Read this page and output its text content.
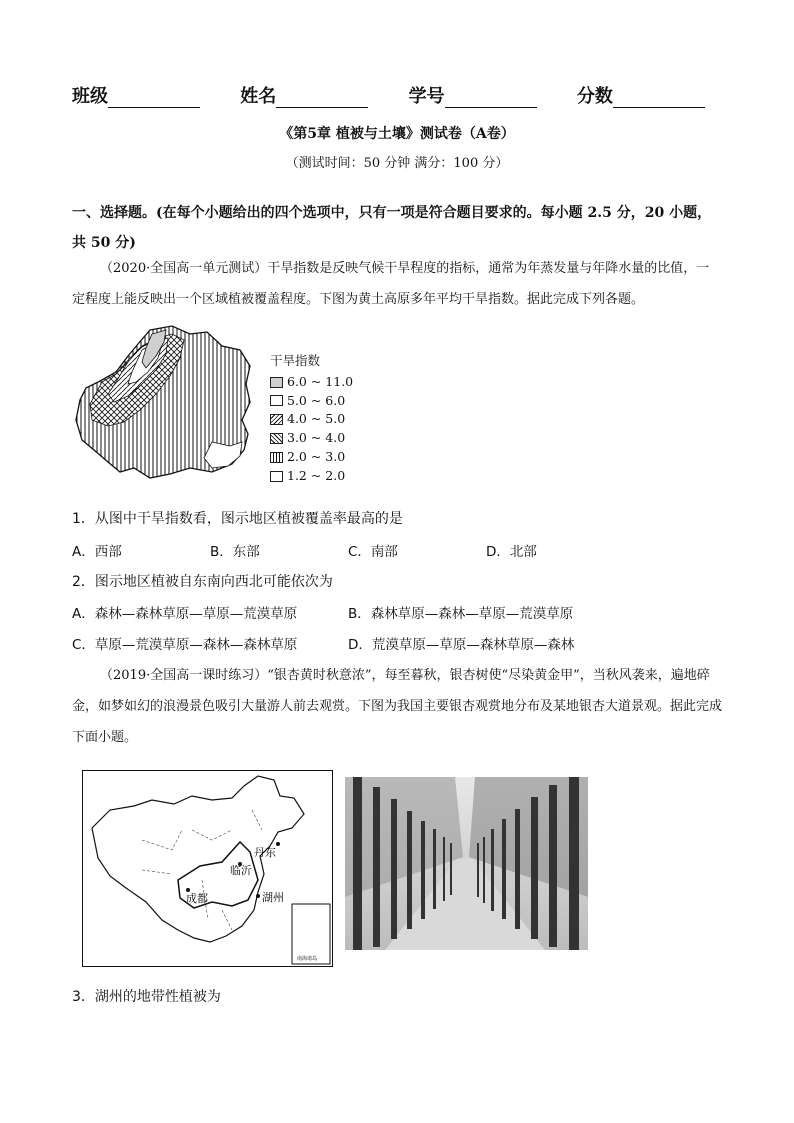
班级	姓名	学号	分数
《第5章 植被与土壤》测试卷（A卷）
（测试时间：50 分钟 满分：100 分）
一、选择题。(在每个小题给出的四个选项中，只有一项是符合题目要求的。每小题 2.5 分，20 小题，共 50 分)
（2020·全国高一单元测试）干旱指数是反映气候干旱程度的指标，通常为年蒸发量与年降水量的比值，一定程度上能反映出一个区域植被覆盖程度。下图为黄土高原多年平均干旱指数。据此完成下列各题。
干旱指数
6.0 ~ 11.0
5.0 ~ 6.0
4.0 ~ 5.0
3.0 ~ 4.0
2.0 ~ 3.0
1.2 ~ 2.0
1．从图中干旱指数看，图示地区植被覆盖率最高的是
A．西部	B．东部	C．南部	D．北部
2．图示地区植被自东南向西北可能依次为
A．森林—森林草原—草原—荒漠草原	B．森林草原—森林—草原—荒漠草原
C．草原—荒漠草原—森林—森林草原	D．荒漠草原—草原—森林草原—森林
（2019·全国高一课时练习）“银杏黄时秋意浓”，每至暮秋，银杏树使“尽染黄金甲”，当秋风袭来，遍地碎金，如梦如幻的浪漫景色吸引大量游人前去观赏。下图为我国主要银杏观赏地分布及某地银杏大道景观。据此完成下面小题。
南海诸岛
成都
临沂
丹东
湖州
3．湖州的地带性植被为
